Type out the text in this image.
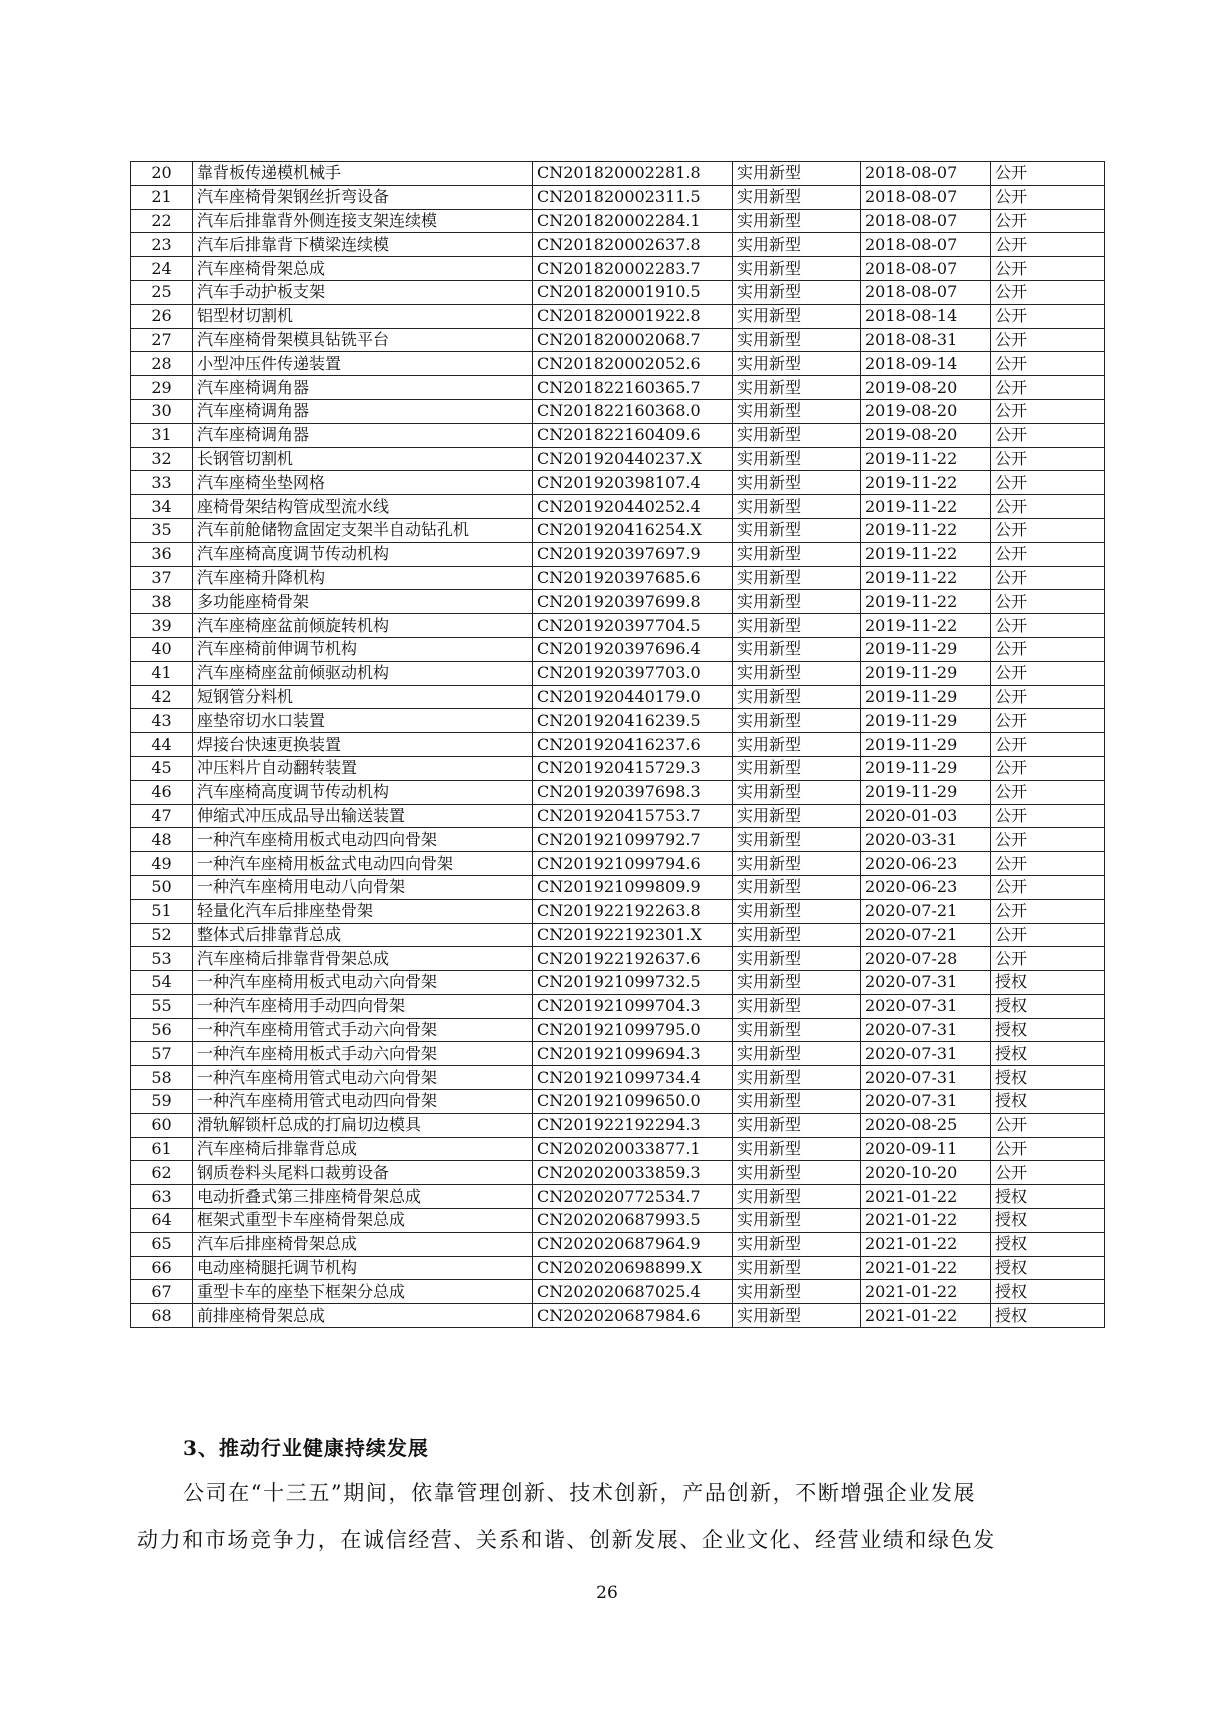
20	靠背板传递模机械手	CN201820002281.8	实用新型	2018-08-07	公开
21	汽车座椅骨架钢丝折弯设备	CN201820002311.5	实用新型	2018-08-07	公开
22	汽车后排靠背外侧连接支架连续模	CN201820002284.1	实用新型	2018-08-07	公开
23	汽车后排靠背下横梁连续模	CN201820002637.8	实用新型	2018-08-07	公开
24	汽车座椅骨架总成	CN201820002283.7	实用新型	2018-08-07	公开
25	汽车手动护板支架	CN201820001910.5	实用新型	2018-08-07	公开
26	铝型材切割机	CN201820001922.8	实用新型	2018-08-14	公开
27	汽车座椅骨架模具钻铣平台	CN201820002068.7	实用新型	2018-08-31	公开
28	小型冲压件传递装置	CN201820002052.6	实用新型	2018-09-14	公开
29	汽车座椅调角器	CN201822160365.7	实用新型	2019-08-20	公开
30	汽车座椅调角器	CN201822160368.0	实用新型	2019-08-20	公开
31	汽车座椅调角器	CN201822160409.6	实用新型	2019-08-20	公开
32	长钢管切割机	CN201920440237.X	实用新型	2019-11-22	公开
33	汽车座椅坐垫网格	CN201920398107.4	实用新型	2019-11-22	公开
34	座椅骨架结构管成型流水线	CN201920440252.4	实用新型	2019-11-22	公开
35	汽车前舱储物盒固定支架半自动钻孔机	CN201920416254.X	实用新型	2019-11-22	公开
36	汽车座椅高度调节传动机构	CN201920397697.9	实用新型	2019-11-22	公开
37	汽车座椅升降机构	CN201920397685.6	实用新型	2019-11-22	公开
38	多功能座椅骨架	CN201920397699.8	实用新型	2019-11-22	公开
39	汽车座椅座盆前倾旋转机构	CN201920397704.5	实用新型	2019-11-22	公开
40	汽车座椅前伸调节机构	CN201920397696.4	实用新型	2019-11-29	公开
41	汽车座椅座盆前倾驱动机构	CN201920397703.0	实用新型	2019-11-29	公开
42	短钢管分料机	CN201920440179.0	实用新型	2019-11-29	公开
43	座垫帘切水口装置	CN201920416239.5	实用新型	2019-11-29	公开
44	焊接台快速更换装置	CN201920416237.6	实用新型	2019-11-29	公开
45	冲压料片自动翻转装置	CN201920415729.3	实用新型	2019-11-29	公开
46	汽车座椅高度调节传动机构	CN201920397698.3	实用新型	2019-11-29	公开
47	伸缩式冲压成品导出输送装置	CN201920415753.7	实用新型	2020-01-03	公开
48	一种汽车座椅用板式电动四向骨架	CN201921099792.7	实用新型	2020-03-31	公开
49	一种汽车座椅用板盆式电动四向骨架	CN201921099794.6	实用新型	2020-06-23	公开
50	一种汽车座椅用电动八向骨架	CN201921099809.9	实用新型	2020-06-23	公开
51	轻量化汽车后排座垫骨架	CN201922192263.8	实用新型	2020-07-21	公开
52	整体式后排靠背总成	CN201922192301.X	实用新型	2020-07-21	公开
53	汽车座椅后排靠背骨架总成	CN201922192637.6	实用新型	2020-07-28	公开
54	一种汽车座椅用板式电动六向骨架	CN201921099732.5	实用新型	2020-07-31	授权
55	一种汽车座椅用手动四向骨架	CN201921099704.3	实用新型	2020-07-31	授权
56	一种汽车座椅用管式手动六向骨架	CN201921099795.0	实用新型	2020-07-31	授权
57	一种汽车座椅用板式手动六向骨架	CN201921099694.3	实用新型	2020-07-31	授权
58	一种汽车座椅用管式电动六向骨架	CN201921099734.4	实用新型	2020-07-31	授权
59	一种汽车座椅用管式电动四向骨架	CN201921099650.0	实用新型	2020-07-31	授权
60	滑轨解锁杆总成的打扁切边模具	CN201922192294.3	实用新型	2020-08-25	公开
61	汽车座椅后排靠背总成	CN202020033877.1	实用新型	2020-09-11	公开
62	钢质卷料头尾料口裁剪设备	CN202020033859.3	实用新型	2020-10-20	公开
63	电动折叠式第三排座椅骨架总成	CN202020772534.7	实用新型	2021-01-22	授权
64	框架式重型卡车座椅骨架总成	CN202020687993.5	实用新型	2021-01-22	授权
65	汽车后排座椅骨架总成	CN202020687964.9	实用新型	2021-01-22	授权
66	电动座椅腿托调节机构	CN202020698899.X	实用新型	2021-01-22	授权
67	重型卡车的座垫下框架分总成	CN202020687025.4	实用新型	2021-01-22	授权
68	前排座椅骨架总成	CN202020687984.6	实用新型	2021-01-22	授权
3、推动行业健康持续发展

公司在“十三五”期间，依靠管理创新、技术创新，产品创新，不断增强企业发展

动力和市场竞争力，在诚信经营、关系和谐、创新发展、企业文化、经营业绩和绿色发

26
